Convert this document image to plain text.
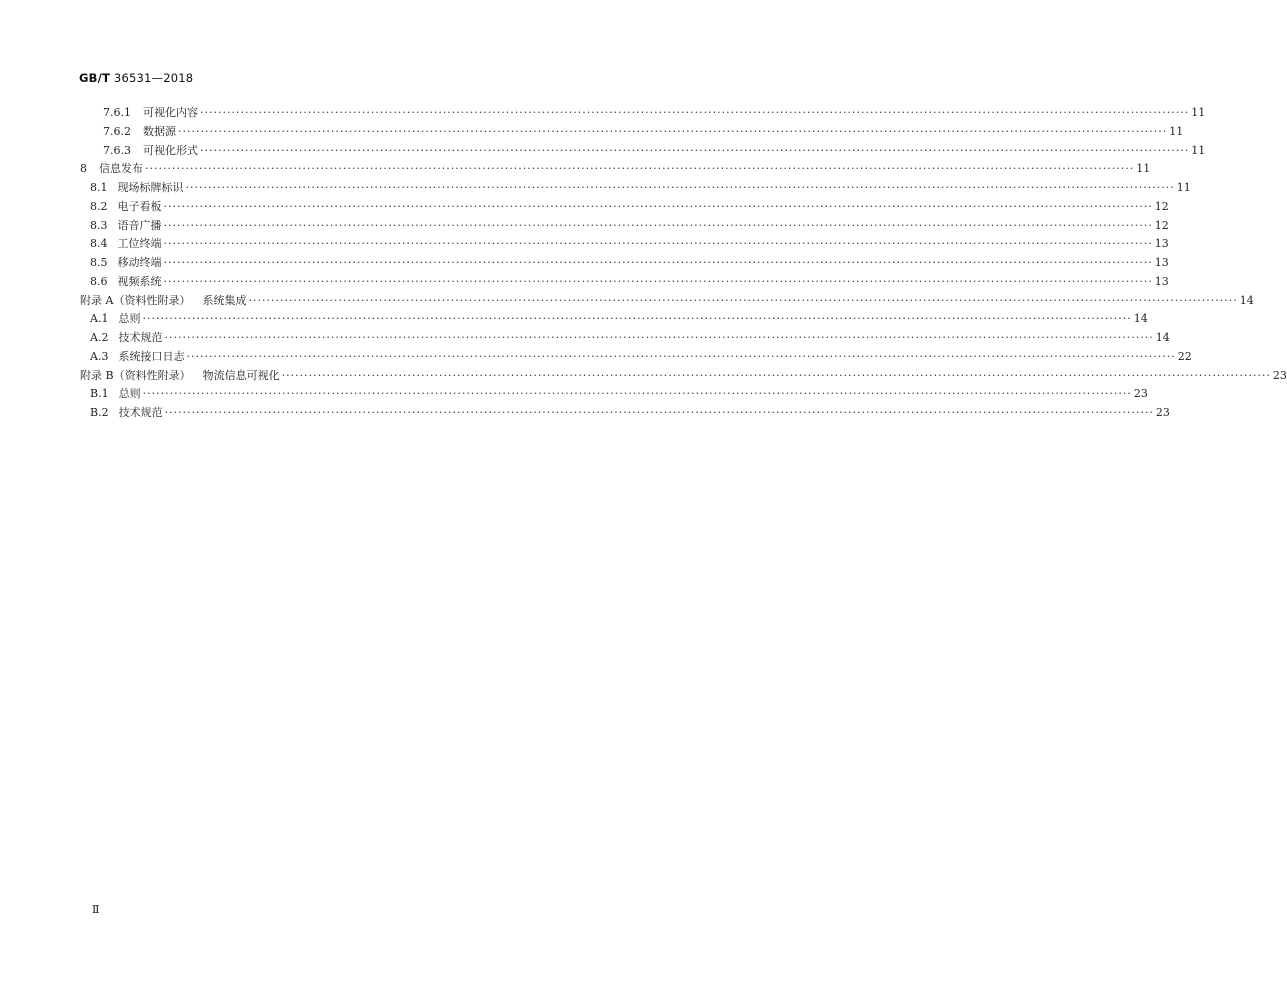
GB/T 36531—2018
7.6.1 可视化内容 ···························································································································································································································· 11
7.6.2 数据源 ···························································································································································································································· 11
7.6.3 可视化形式 ···························································································································································································································· 11
8 信息发布 ···························································································································································································································· 11
8.1 现场标牌标识 ···························································································································································································································· 11
8.2 电子看板 ···························································································································································································································· 12
8.3 语音广播 ···························································································································································································································· 12
8.4 工位终端 ···························································································································································································································· 13
8.5 移动终端 ···························································································································································································································· 13
8.6 视频系统 ···························································································································································································································· 13
附录 A（资料性附录） 系统集成 ···························································································································································································································· 14
A.1 总则 ···························································································································································································································· 14
A.2 技术规范 ···························································································································································································································· 14
A.3 系统接口日志 ···························································································································································································································· 22
附录 B（资料性附录） 物流信息可视化 ···························································································································································································································· 23
B.1 总则 ···························································································································································································································· 23
B.2 技术规范 ···························································································································································································································· 23
Ⅱ
